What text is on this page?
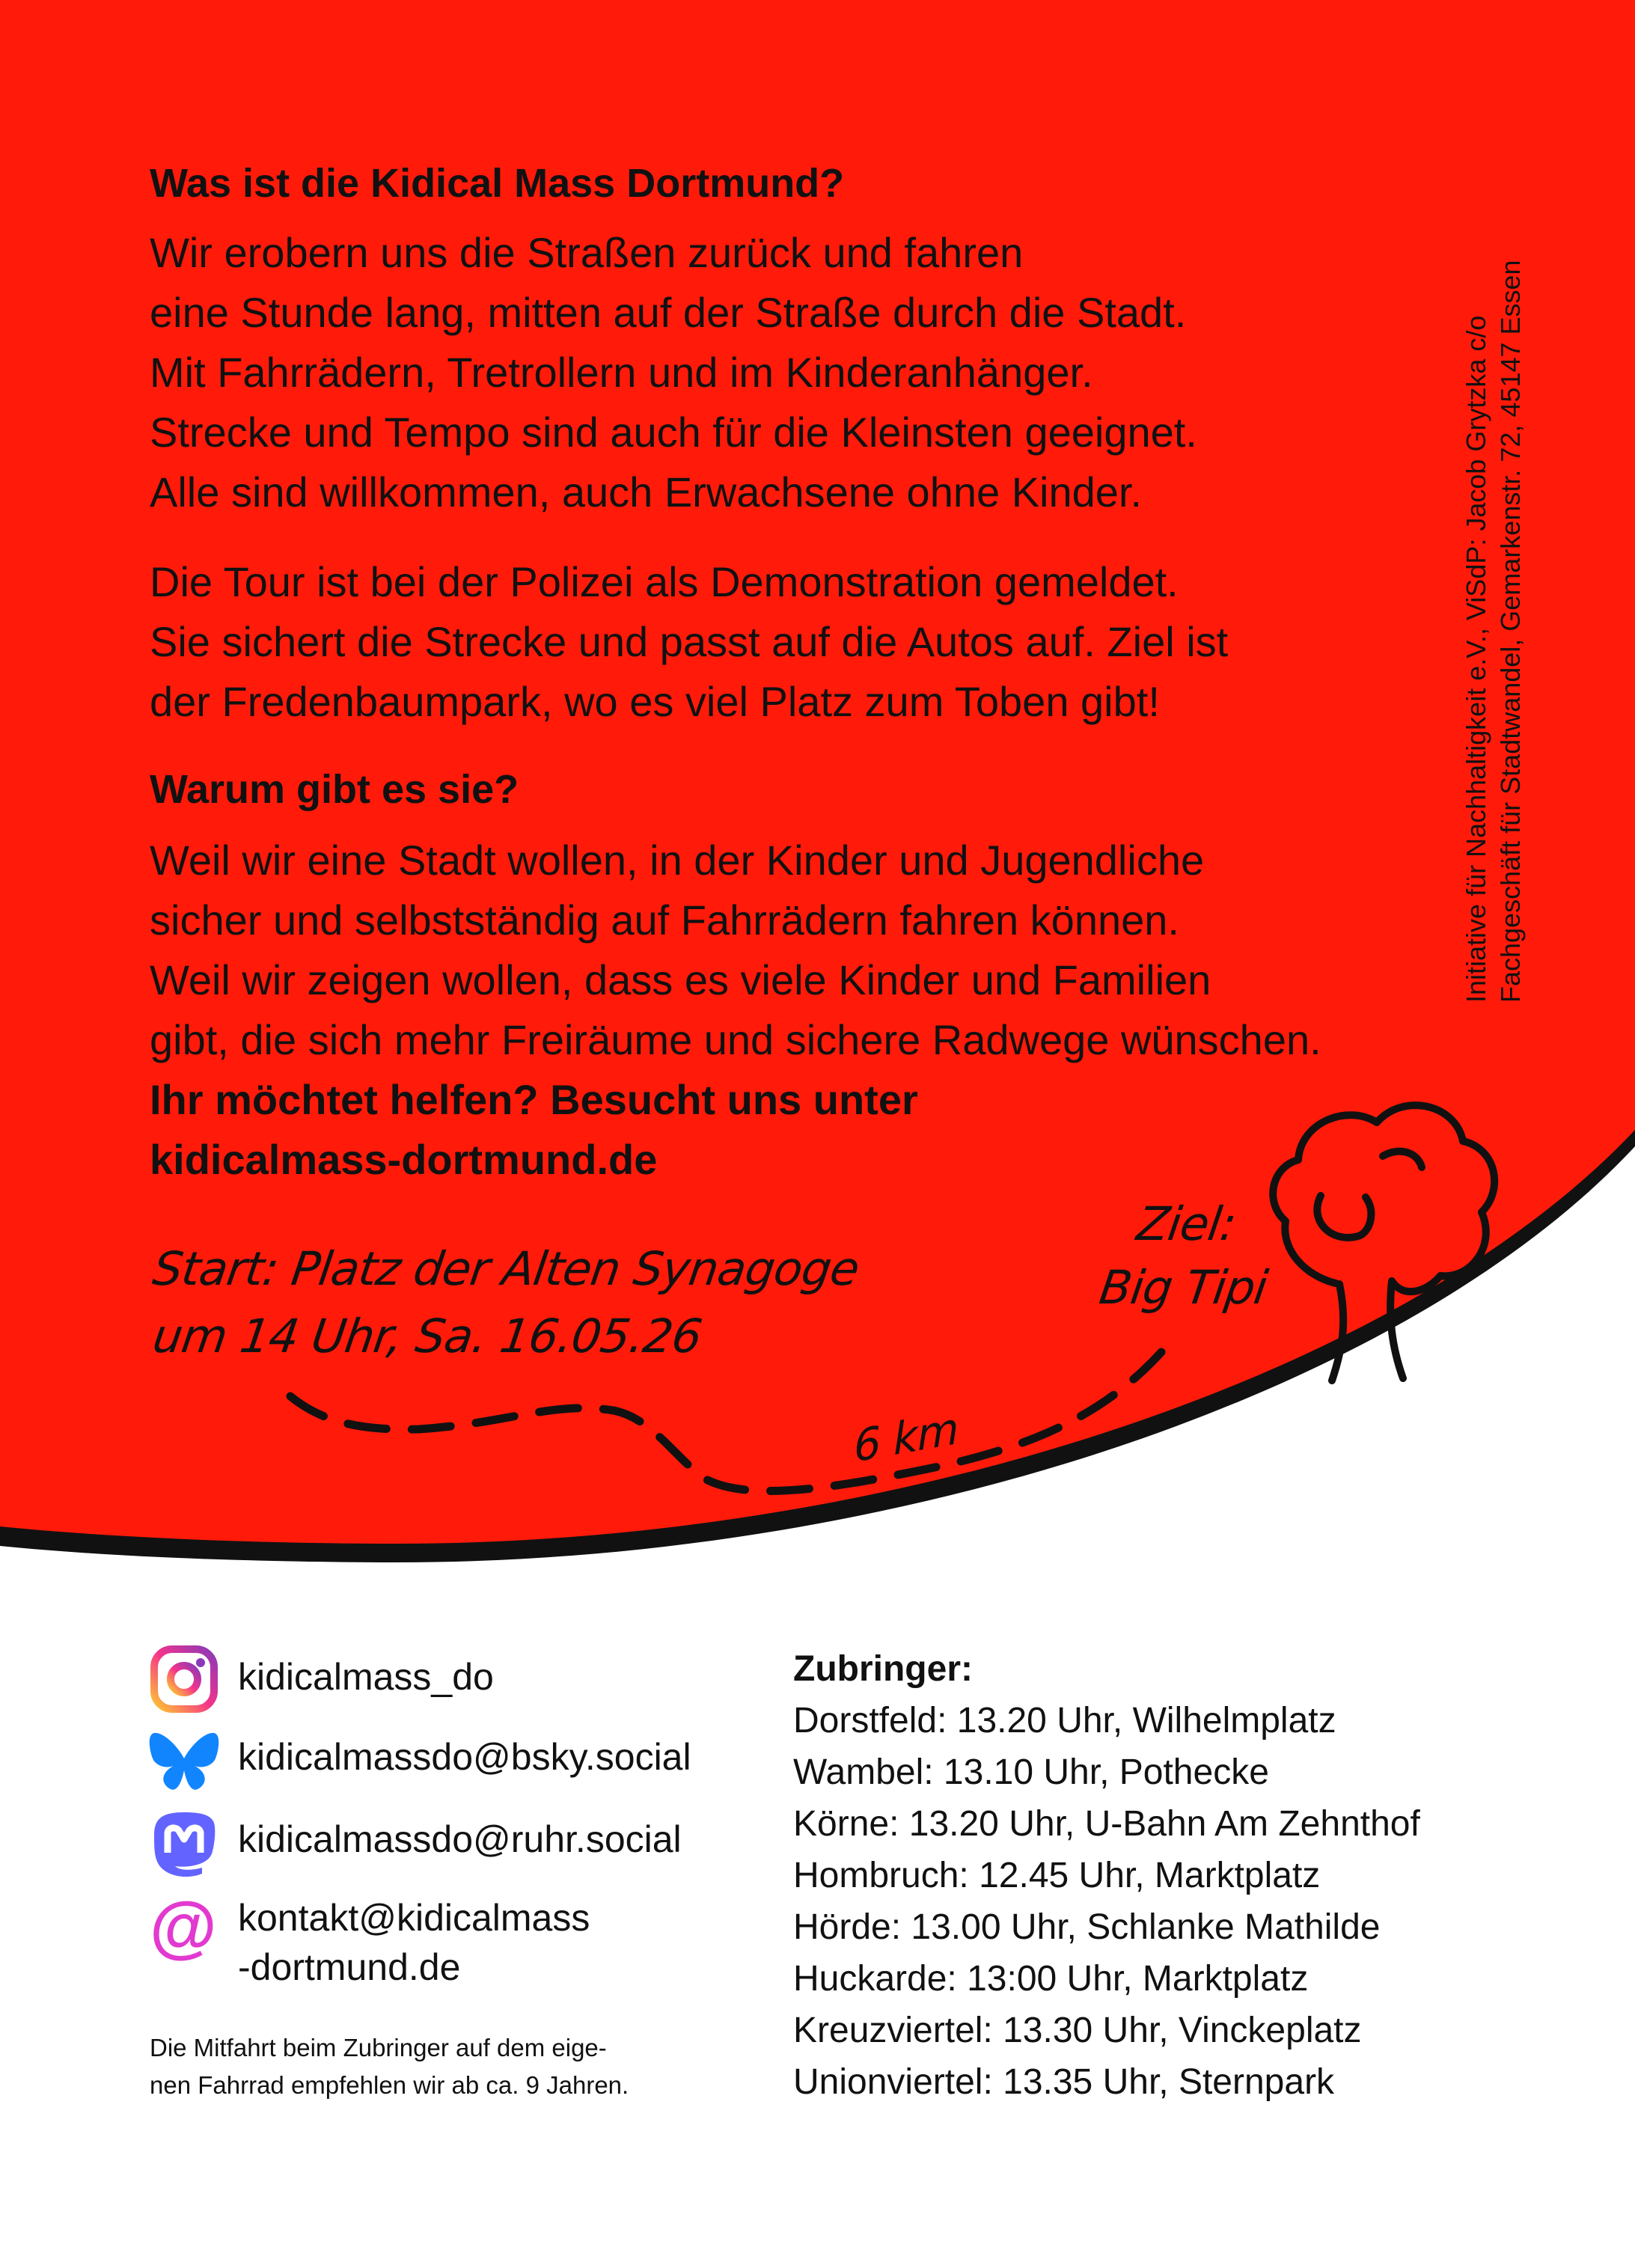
Was ist die Kidical Mass Dortmund?
Wir erobern uns die Straßen zurück und fahren
eine Stunde lang, mitten auf der Straße durch die Stadt.
Mit Fahrrädern, Tretrollern und im Kinderanhänger.
Strecke und Tempo sind auch für die Kleinsten geeignet.
Alle sind willkommen, auch Erwachsene ohne Kinder.
Die Tour ist bei der Polizei als Demonstration gemeldet.
Sie sichert die Strecke und passt auf die Autos auf. Ziel ist
der Fredenbaumpark, wo es viel Platz zum Toben gibt!
Warum gibt es sie?
Weil wir eine Stadt wollen, in der Kinder und Jugendliche
sicher und selbstständig auf Fahrrädern fahren können.
Weil wir zeigen wollen, dass es viele Kinder und Familien
gibt, die sich mehr Freiräume und sichere Radwege wünschen.
Ihr möchtet helfen? Besucht uns unter
kidicalmass-dortmund.de
Initiative für Nachhaltigkeit e.V., ViSdP: Jacob Grytzka c/o Fachgeschäft für Stadtwandel, Gemarkenstr. 72, 45147 Essen
Start: Platz der Alten Synagoge
um 14 Uhr, Sa. 16.05.26
Ziel:
Big Tipi
6 km
kidicalmass_do
kidicalmassdo@bsky.social
kidicalmassdo@ruhr.social
@ kontakt@kidicalmass
-dortmund.de
Die Mitfahrt beim Zubringer auf dem eige-
nen Fahrrad empfehlen wir ab ca. 9 Jahren.
Zubringer:
Dorstfeld: 13.20 Uhr, Wilhelmplatz
Wambel: 13.10 Uhr, Pothecke
Körne: 13.20 Uhr, U-Bahn Am Zehnthof
Hombruch: 12.45 Uhr, Marktplatz
Hörde: 13.00 Uhr, Schlanke Mathilde
Huckarde: 13:00 Uhr, Marktplatz
Kreuzviertel: 13.30 Uhr, Vinckeplatz
Unionviertel: 13.35 Uhr, Sternpark
